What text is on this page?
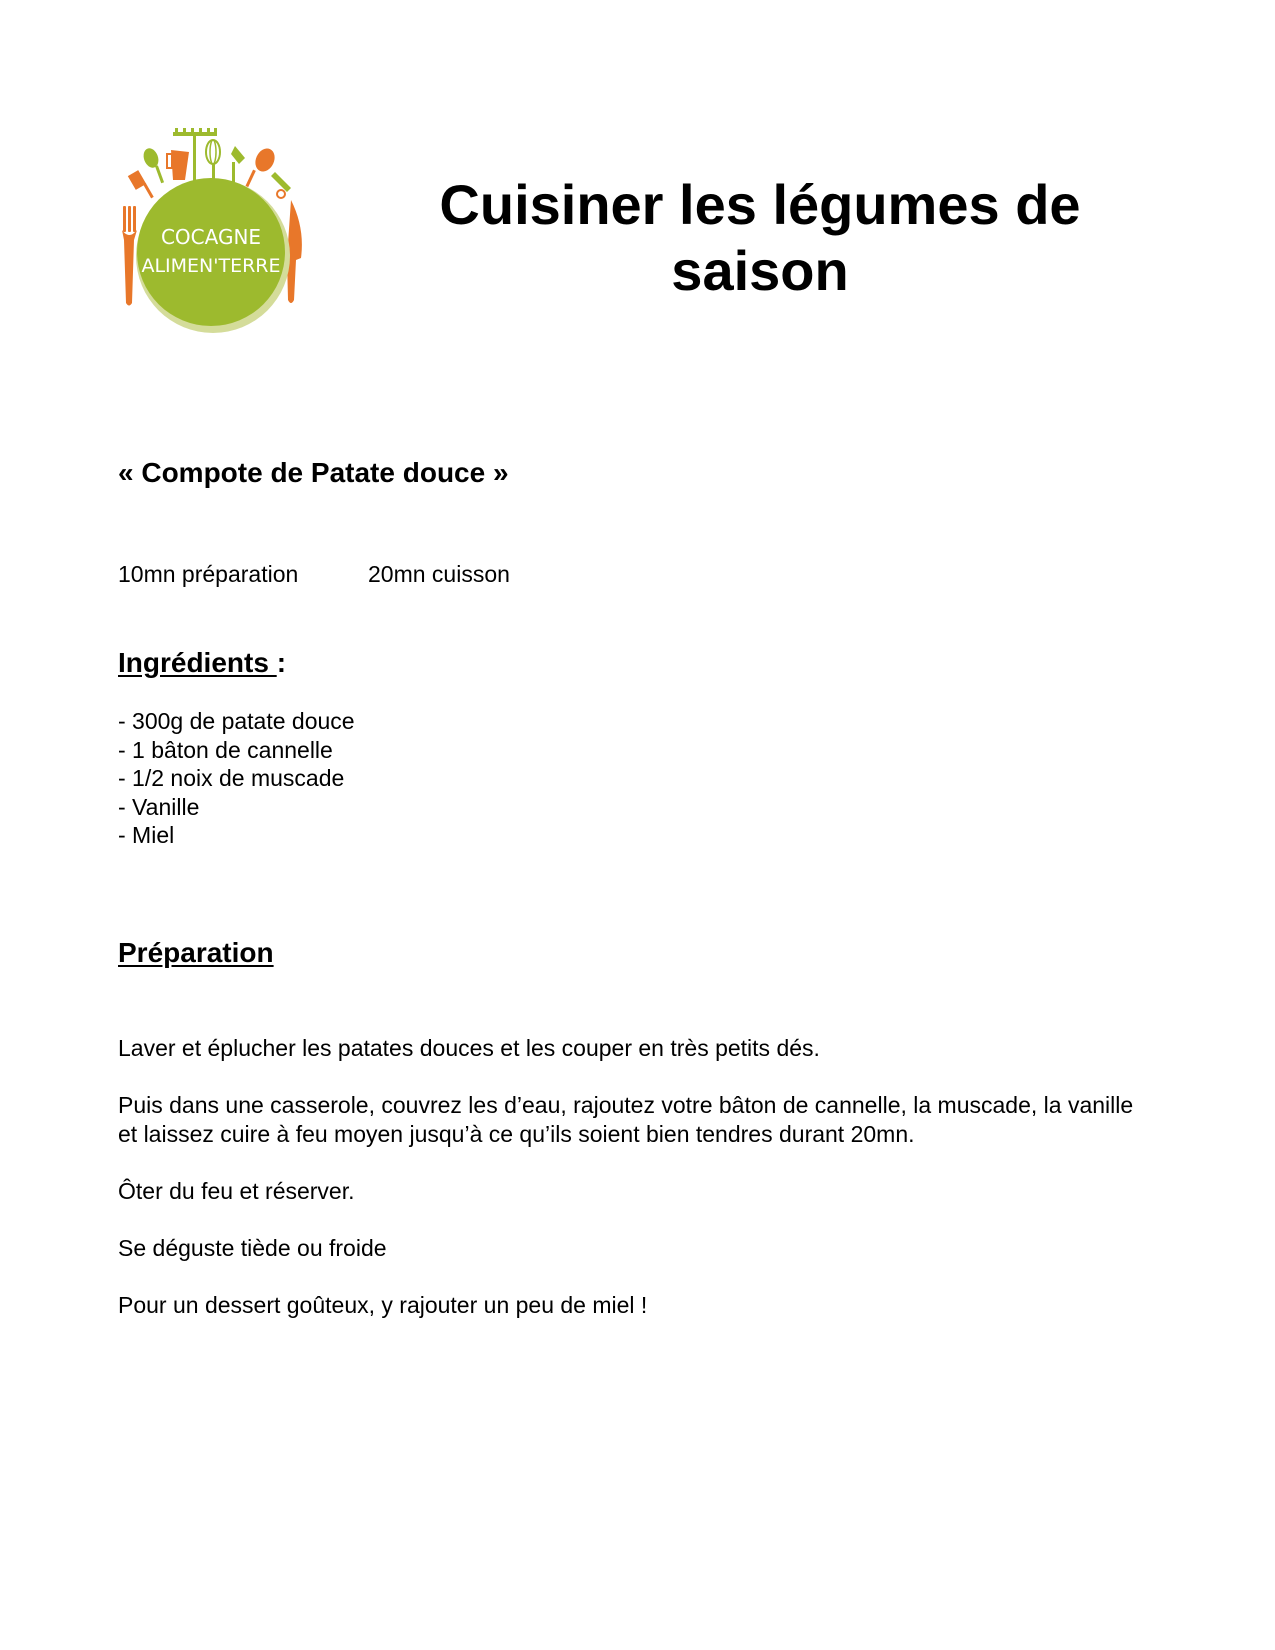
COCAGNE
ALIMEN'TERRE
Cuisiner les légumes de saison
« Compote de Patate douce »
10mn préparation	20mn cuisson
Ingrédients :
- 300g de patate douce
- 1 bâton de cannelle
- 1/2 noix de muscade
- Vanille
- Miel
Préparation

Laver et éplucher les patates douces et les couper en très petits dés.

Puis dans une casserole, couvrez les d’eau, rajoutez votre bâton de cannelle, la muscade, la vanille et laissez cuire à feu moyen jusqu’à ce qu’ils soient bien tendres durant 20mn.

Ôter du feu et réserver.

Se déguste tiède ou froide

Pour un dessert goûteux, y rajouter un peu de miel !
